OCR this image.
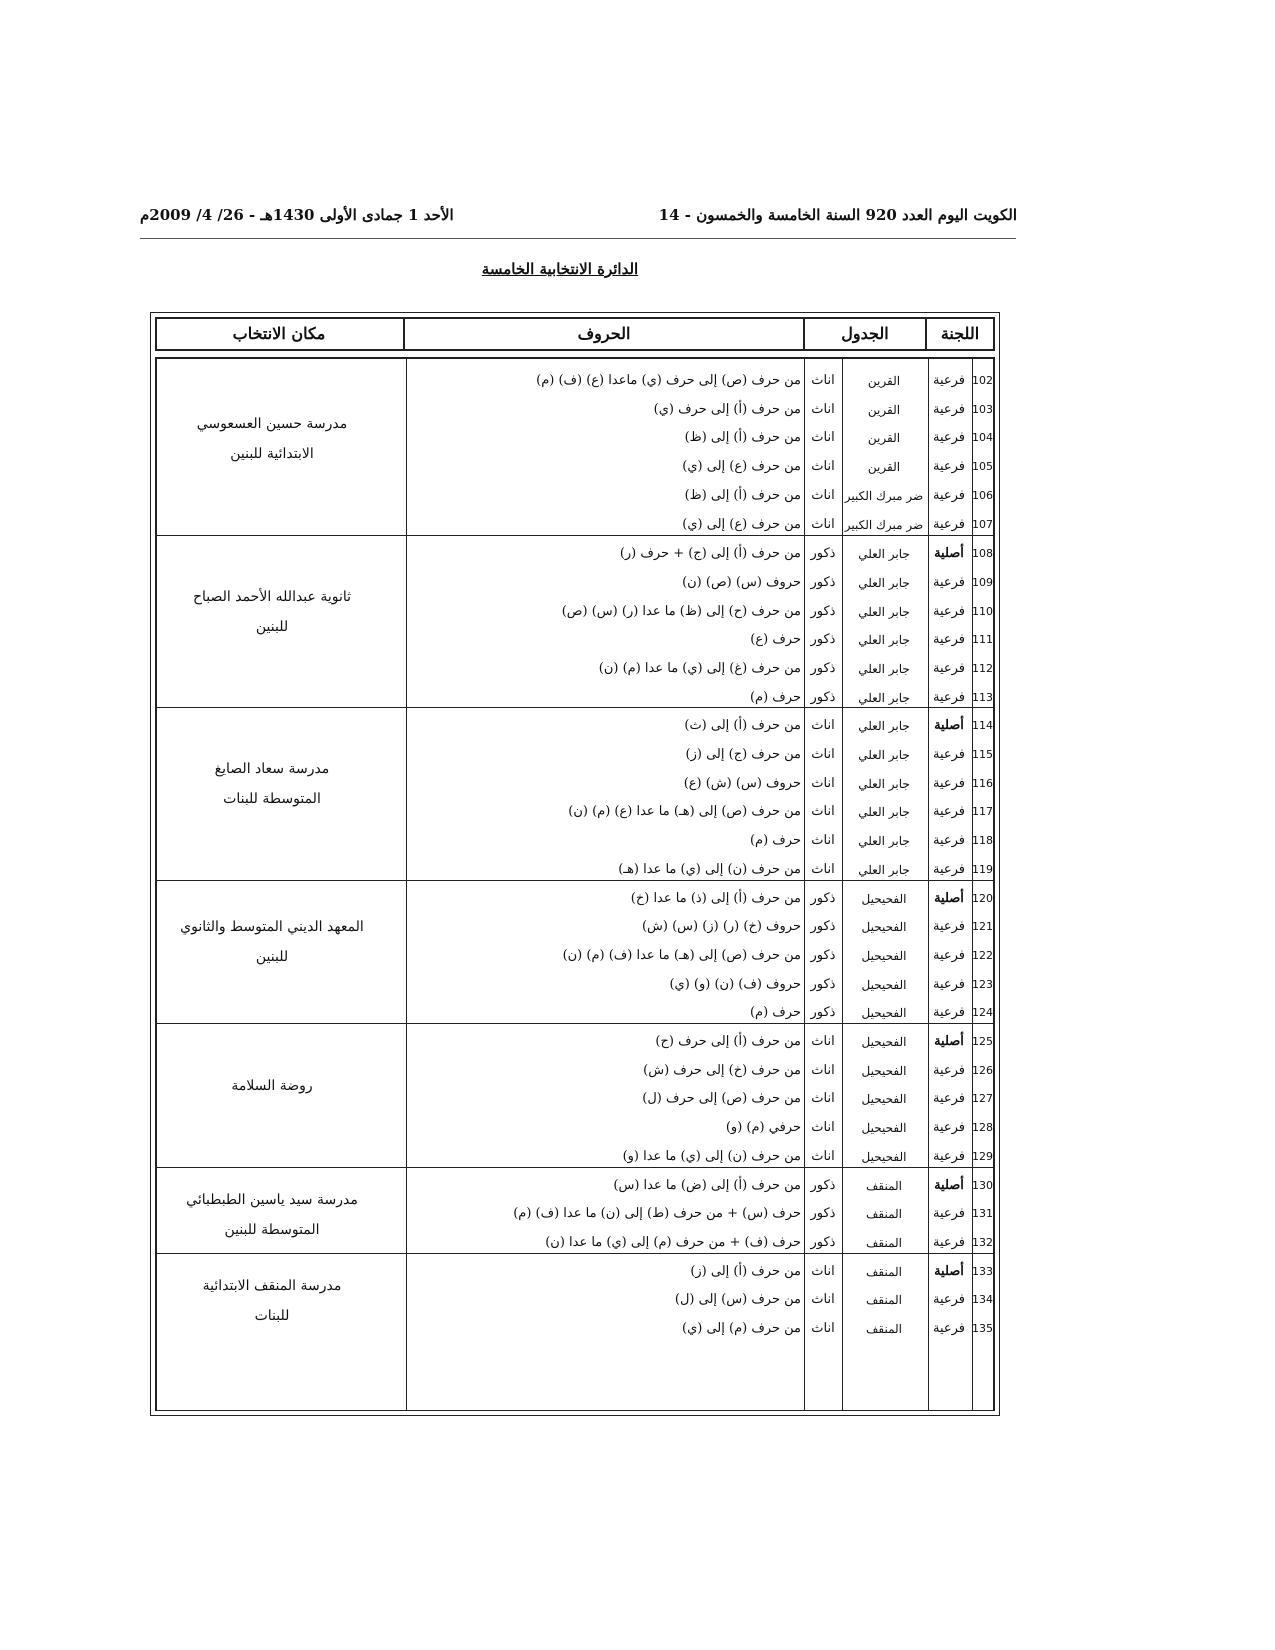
الكويت اليوم العدد 920 السنة الخامسة والخمسون - 14
الأحد 1 جمادى الأولى 1430هـ - 26/ 4/ 2009م
الدائرة الانتخابية الخامسة
اللجنة
الجدول
الحروف
مكان الانتخاب
مدرسة حسين العسعوسي
الابتدائية للبنين
102
فرعية
القرين
اناث
من حرف (ص) إلى حرف (ي) ماعدا (ع) (ف) (م)
103
فرعية
القرين
اناث
من حرف (أ) إلى حرف (ي)
104
فرعية
القرين
اناث
من حرف (أ) إلى (ظ)
105
فرعية
القرين
اناث
من حرف (ع) إلى (ي)
106
فرعية
ضر مبرك الكبير
اناث
من حرف (أ) إلى (ظ)
107
فرعية
ضر مبرك الكبير
اناث
من حرف (ع) إلى (ي)
ثانوية عبدالله الأحمد الصباح
للبنين
108
أصلية
جابر العلي
ذكور
من حرف (أ) إلى (ج) + حرف (ر)
109
فرعية
جابر العلي
ذكور
حروف (س) (ص) (ن)
110
فرعية
جابر العلي
ذكور
من حرف (ح) إلى (ظ) ما عدا (ر) (س) (ص)
111
فرعية
جابر العلي
ذكور
حرف (ع)
112
فرعية
جابر العلي
ذكور
من حرف (غ) إلى (ي) ما عدا (م) (ن)
113
فرعية
جابر العلي
ذكور
حرف (م)
مدرسة سعاد الصايغ
المتوسطة للبنات
114
أصلية
جابر العلي
اناث
من حرف (أ) إلى (ث)
115
فرعية
جابر العلي
اناث
من حرف (ج) إلى (ز)
116
فرعية
جابر العلي
اناث
حروف (س) (ش) (ع)
117
فرعية
جابر العلي
اناث
من حرف (ص) إلى (هـ) ما عدا (ع) (م) (ن)
118
فرعية
جابر العلي
اناث
حرف (م)
119
فرعية
جابر العلي
اناث
من حرف (ن) إلى (ي) ما عدا (هـ)
المعهد الديني المتوسط والثانوي
للبنين
120
أصلية
الفحيحيل
ذكور
من حرف (أ) إلى (ذ) ما عدا (خ)
121
فرعية
الفحيحيل
ذكور
حروف (خ) (ر) (ز) (س) (ش)
122
فرعية
الفحيحيل
ذكور
من حرف (ص) إلى (هـ) ما عدا (ف) (م) (ن)
123
فرعية
الفحيحيل
ذكور
حروف (ف) (ن) (و) (ي)
124
فرعية
الفحيحيل
ذكور
حرف (م)
روضة السلامة
125
أصلية
الفحيحيل
اناث
من حرف (أ) إلى حرف (ح)
126
فرعية
الفحيحيل
اناث
من حرف (خ) إلى حرف (ش)
127
فرعية
الفحيحيل
اناث
من حرف (ص) إلى حرف (ل)
128
فرعية
الفحيحيل
اناث
حرفي (م) (و)
129
فرعية
الفحيحيل
اناث
من حرف (ن) إلى (ي) ما عدا (و)
مدرسة سيد ياسين الطبطبائي
المتوسطة للبنين
130
أصلية
المنقف
ذكور
من حرف (أ) إلى (ض) ما عدا (س)
131
فرعية
المنقف
ذكور
حرف (س) + من حرف (ط) إلى (ن) ما عدا (ف) (م)
132
فرعية
المنقف
ذكور
حرف (ف) + من حرف (م) إلى (ي) ما عدا (ن)
مدرسة المنقف الابتدائية
للبنات
133
أصلية
المنقف
اناث
من حرف (أ) إلى (ز)
134
فرعية
المنقف
اناث
من حرف (س) إلى (ل)
135
فرعية
المنقف
اناث
من حرف (م) إلى (ي)
